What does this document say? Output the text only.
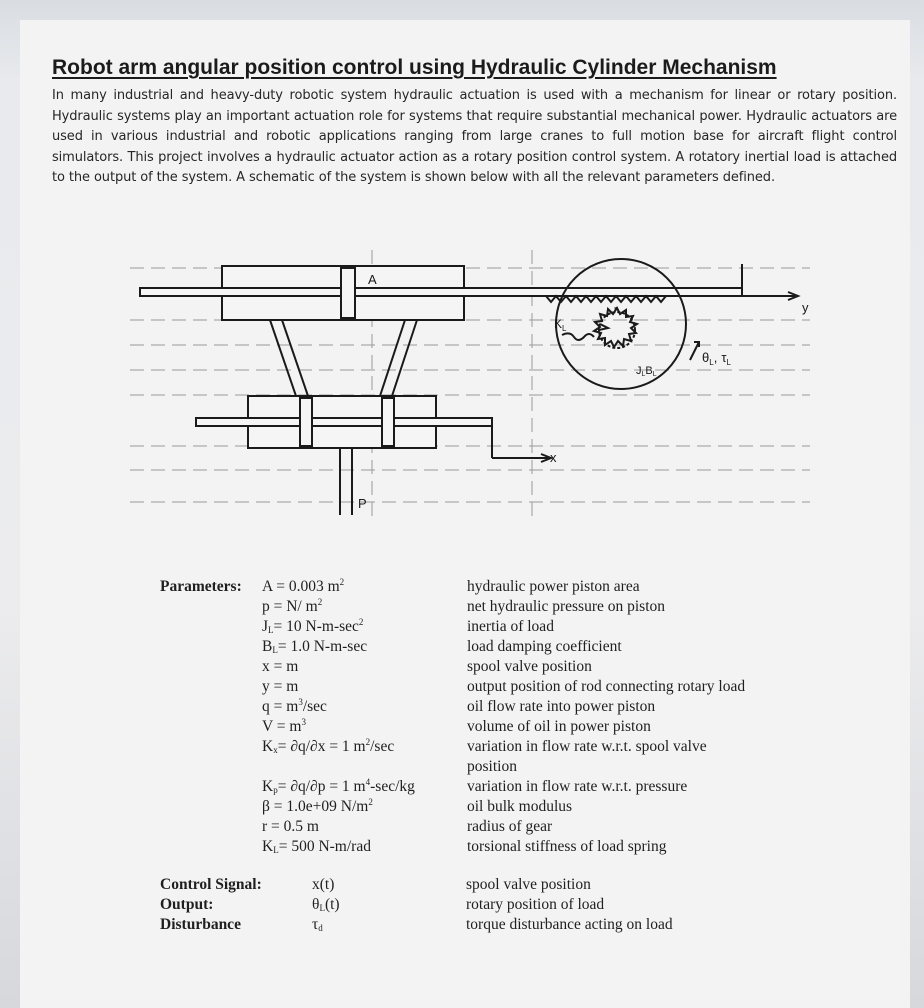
Robot arm angular position control using Hydraulic Cylinder Mechanism
In many industrial and heavy-duty robotic system hydraulic actuation is used with a mechanism for linear or rotary position. Hydraulic systems play an important actuation role for systems that require substantial mechanical power. Hydraulic actuators are used in various industrial and robotic applications ranging from large cranes to full motion base for aircraft flight control simulators. This project involves a hydraulic actuator action as a rotary position control system. A rotatory inertial load is attached to the output of the system. A schematic of the system is shown below with all the relevant parameters defined.
A
P
x
y
$K_L$
r
JLBL
$\theta_L$, $\tau_L$
Parameters: A = 0.003 $m^2$	hydraulic power piston area
p = N/ $m^2$	net hydraulic pressure on piston
$J_L= 10$ $N-m-\sec^2$	inertia of load
$B_L= 1.0$ N-m-sec	load damping coefficient
x = m	spool valve position
y = m	output position of rod connecting rotary load
$q = m^3/\sec$	oil flow rate into power piston
$V = m^3$	volume of oil in power piston
$K_x= \partial q/\partial x = 1$ $m^2/\sec$	variation in flow rate w.r.t. spool valve
position
$K_p= \partial q/\partial p = 1$ $m^4-\sec/kg$	variation in flow rate w.r.t. pressure
β = 1.0e+09 $N/m^2$	oil bulk modulus
r = 0.5 m	radius of gear
$K_L= 500$ N-m/rad	torsional stiffness of load spring
Control Signal:	x(t)	spool valve position
Output:	$\theta_L(t)$	rotary position of load
Disturbance	$\tau_d$	torque disturbance acting on load
